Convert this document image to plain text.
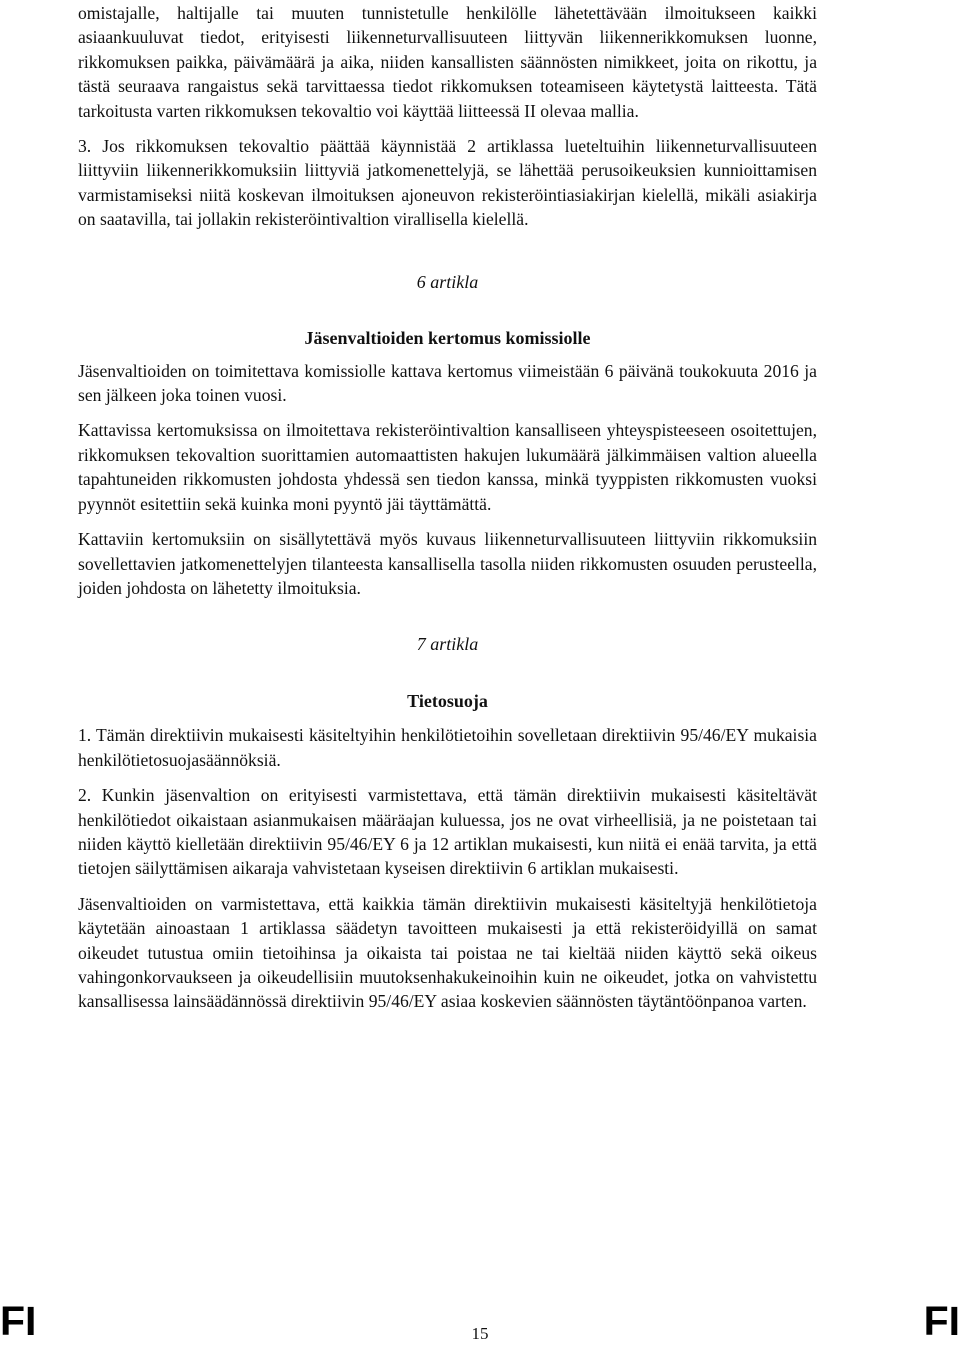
omistajalle, haltijalle tai muuten tunnistetulle henkilölle lähetettävään ilmoitukseen kaikki asiaankuuluvat tiedot, erityisesti liikenneturvallisuuteen liittyvän liikennerikkomuksen luonne, rikkomuksen paikka, päivämäärä ja aika, niiden kansallisten säännösten nimikkeet, joita on rikottu, ja tästä seuraava rangaistus sekä tarvittaessa tiedot rikkomuksen toteamiseen käytetystä laitteesta. Tätä tarkoitusta varten rikkomuksen tekovaltio voi käyttää liitteessä II olevaa mallia.

3. Jos rikkomuksen tekovaltio päättää käynnistää 2 artiklassa lueteltuihin liikenneturvallisuuteen liittyviin liikennerikkomuksiin liittyviä jatkomenettelyjä, se lähettää perusoikeuksien kunnioittamisen varmistamiseksi niitä koskevan ilmoituksen ajoneuvon rekisteröintiasiakirjan kielellä, mikäli asiakirja on saatavilla, tai jollakin rekisteröintivaltion virallisella kielellä.

6 artikla

Jäsenvaltioiden kertomus komissiolle

Jäsenvaltioiden on toimitettava komissiolle kattava kertomus viimeistään 6 päivänä toukokuuta 2016 ja sen jälkeen joka toinen vuosi.

Kattavissa kertomuksissa on ilmoitettava rekisteröintivaltion kansalliseen yhteyspisteeseen osoitettujen, rikkomuksen tekovaltion suorittamien automaattisten hakujen lukumäärä jälkimmäisen valtion alueella tapahtuneiden rikkomusten johdosta yhdessä sen tiedon kanssa, minkä tyyppisten rikkomusten vuoksi pyynnöt esitettiin sekä kuinka moni pyyntö jäi täyttämättä.

Kattaviin kertomuksiin on sisällytettävä myös kuvaus liikenneturvallisuuteen liittyviin rikkomuksiin sovellettavien jatkomenettelyjen tilanteesta kansallisella tasolla niiden rikkomusten osuuden perusteella, joiden johdosta on lähetetty ilmoituksia.

7 artikla

Tietosuoja

1. Tämän direktiivin mukaisesti käsiteltyihin henkilötietoihin sovelletaan direktiivin 95/46/EY mukaisia henkilötietosuojasäännöksiä.

2. Kunkin jäsenvaltion on erityisesti varmistettava, että tämän direktiivin mukaisesti käsiteltävät henkilötiedot oikaistaan asianmukaisen määräajan kuluessa, jos ne ovat virheellisiä, ja ne poistetaan tai niiden käyttö kielletään direktiivin 95/46/EY 6 ja 12 artiklan mukaisesti, kun niitä ei enää tarvita, ja että tietojen säilyttämisen aikaraja vahvistetaan kyseisen direktiivin 6 artiklan mukaisesti.

Jäsenvaltioiden on varmistettava, että kaikkia tämän direktiivin mukaisesti käsiteltyjä henkilötietoja käytetään ainoastaan 1 artiklassa säädetyn tavoitteen mukaisesti ja että rekisteröidyillä on samat oikeudet tutustua omiin tietoihinsa ja oikaista tai poistaa ne tai kieltää niiden käyttö sekä oikeus vahingonkorvaukseen ja oikeudellisiin muutoksenhakukeinoihin kuin ne oikeudet, jotka on vahvistettu kansallisessa lainsäädännössä direktiivin 95/46/EY asiaa koskevien säännösten täytäntöönpanoa varten.

FI	15	FI
